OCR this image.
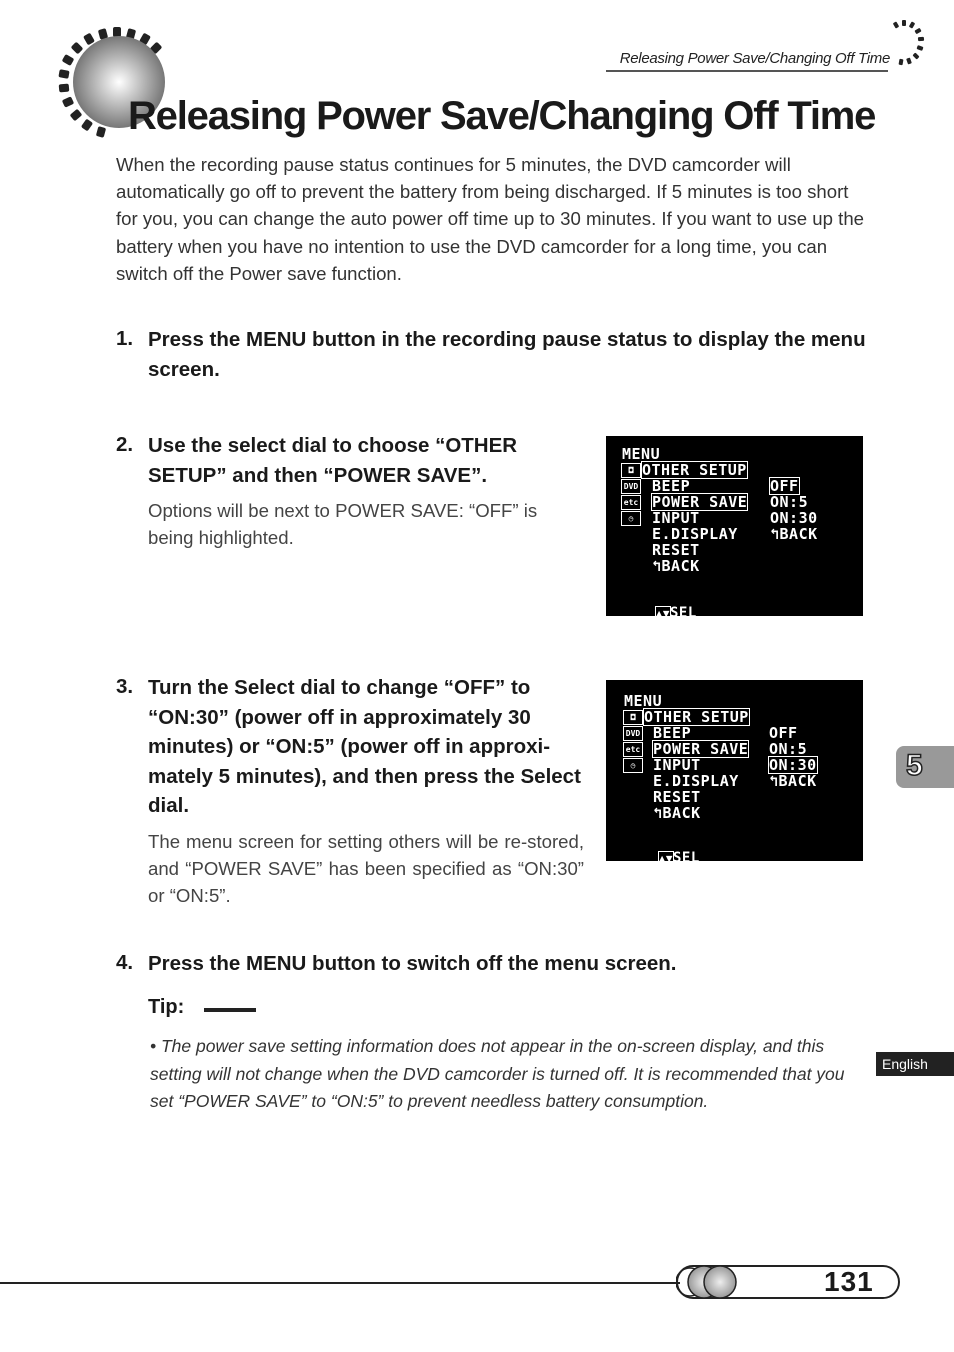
Releasing Power Save/Changing Off Time
Releasing Power Save/Changing Off Time
When the recording pause status continues for 5 minutes, the DVD camcorder will automatically go off to prevent the battery from being discharged. If 5 minutes is too short for you, you can change the auto power off time up to 30 minutes. If you want to use up the battery when you have no intention to use the DVD camcorder for a long time, you can switch off the Power save function.
1. Press the MENU button in the recording pause status to display the menu screen.
2. Use the select dial to choose “OTHER SETUP” and then “POWER SAVE”.
Options will be next to POWER SAVE: “OFF” is being highlighted.
MENU
◘ OTHER SETUP
DVD BEEP
etc POWER SAVE
◷	INPUT
E.DISPLAY
RESET
↰BACK
OFF
ON:5
ON:30
↰BACK

▲▼SEL
PUSHSET
MENUEXIT

3. Turn the Select dial to change “OFF” to “ON:30” (power off in approximately 30 minutes) or “ON:5” (power off in approxi-mately 5 minutes), and then press the Select dial.
The menu screen for setting others will be re-stored, and “POWER SAVE” has been specified as “ON:30” or “ON:5”.
MENU
◘ OTHER SETUP
DVD BEEP
etc POWER SAVE
◷	INPUT
E.DISPLAY
RESET
↰BACK
OFF
ON:5
ON:30
↰BACK

▲▼SEL
PUSHSET
MENUEXIT

4. Press the MENU button to switch off the menu screen.
Tip:
• The power save setting information does not appear in the on-screen display, and this setting will not change when the DVD camcorder is turned off. It is recommended that you set “POWER SAVE” to “ON:5” to prevent needless battery consumption.
5
English
131
